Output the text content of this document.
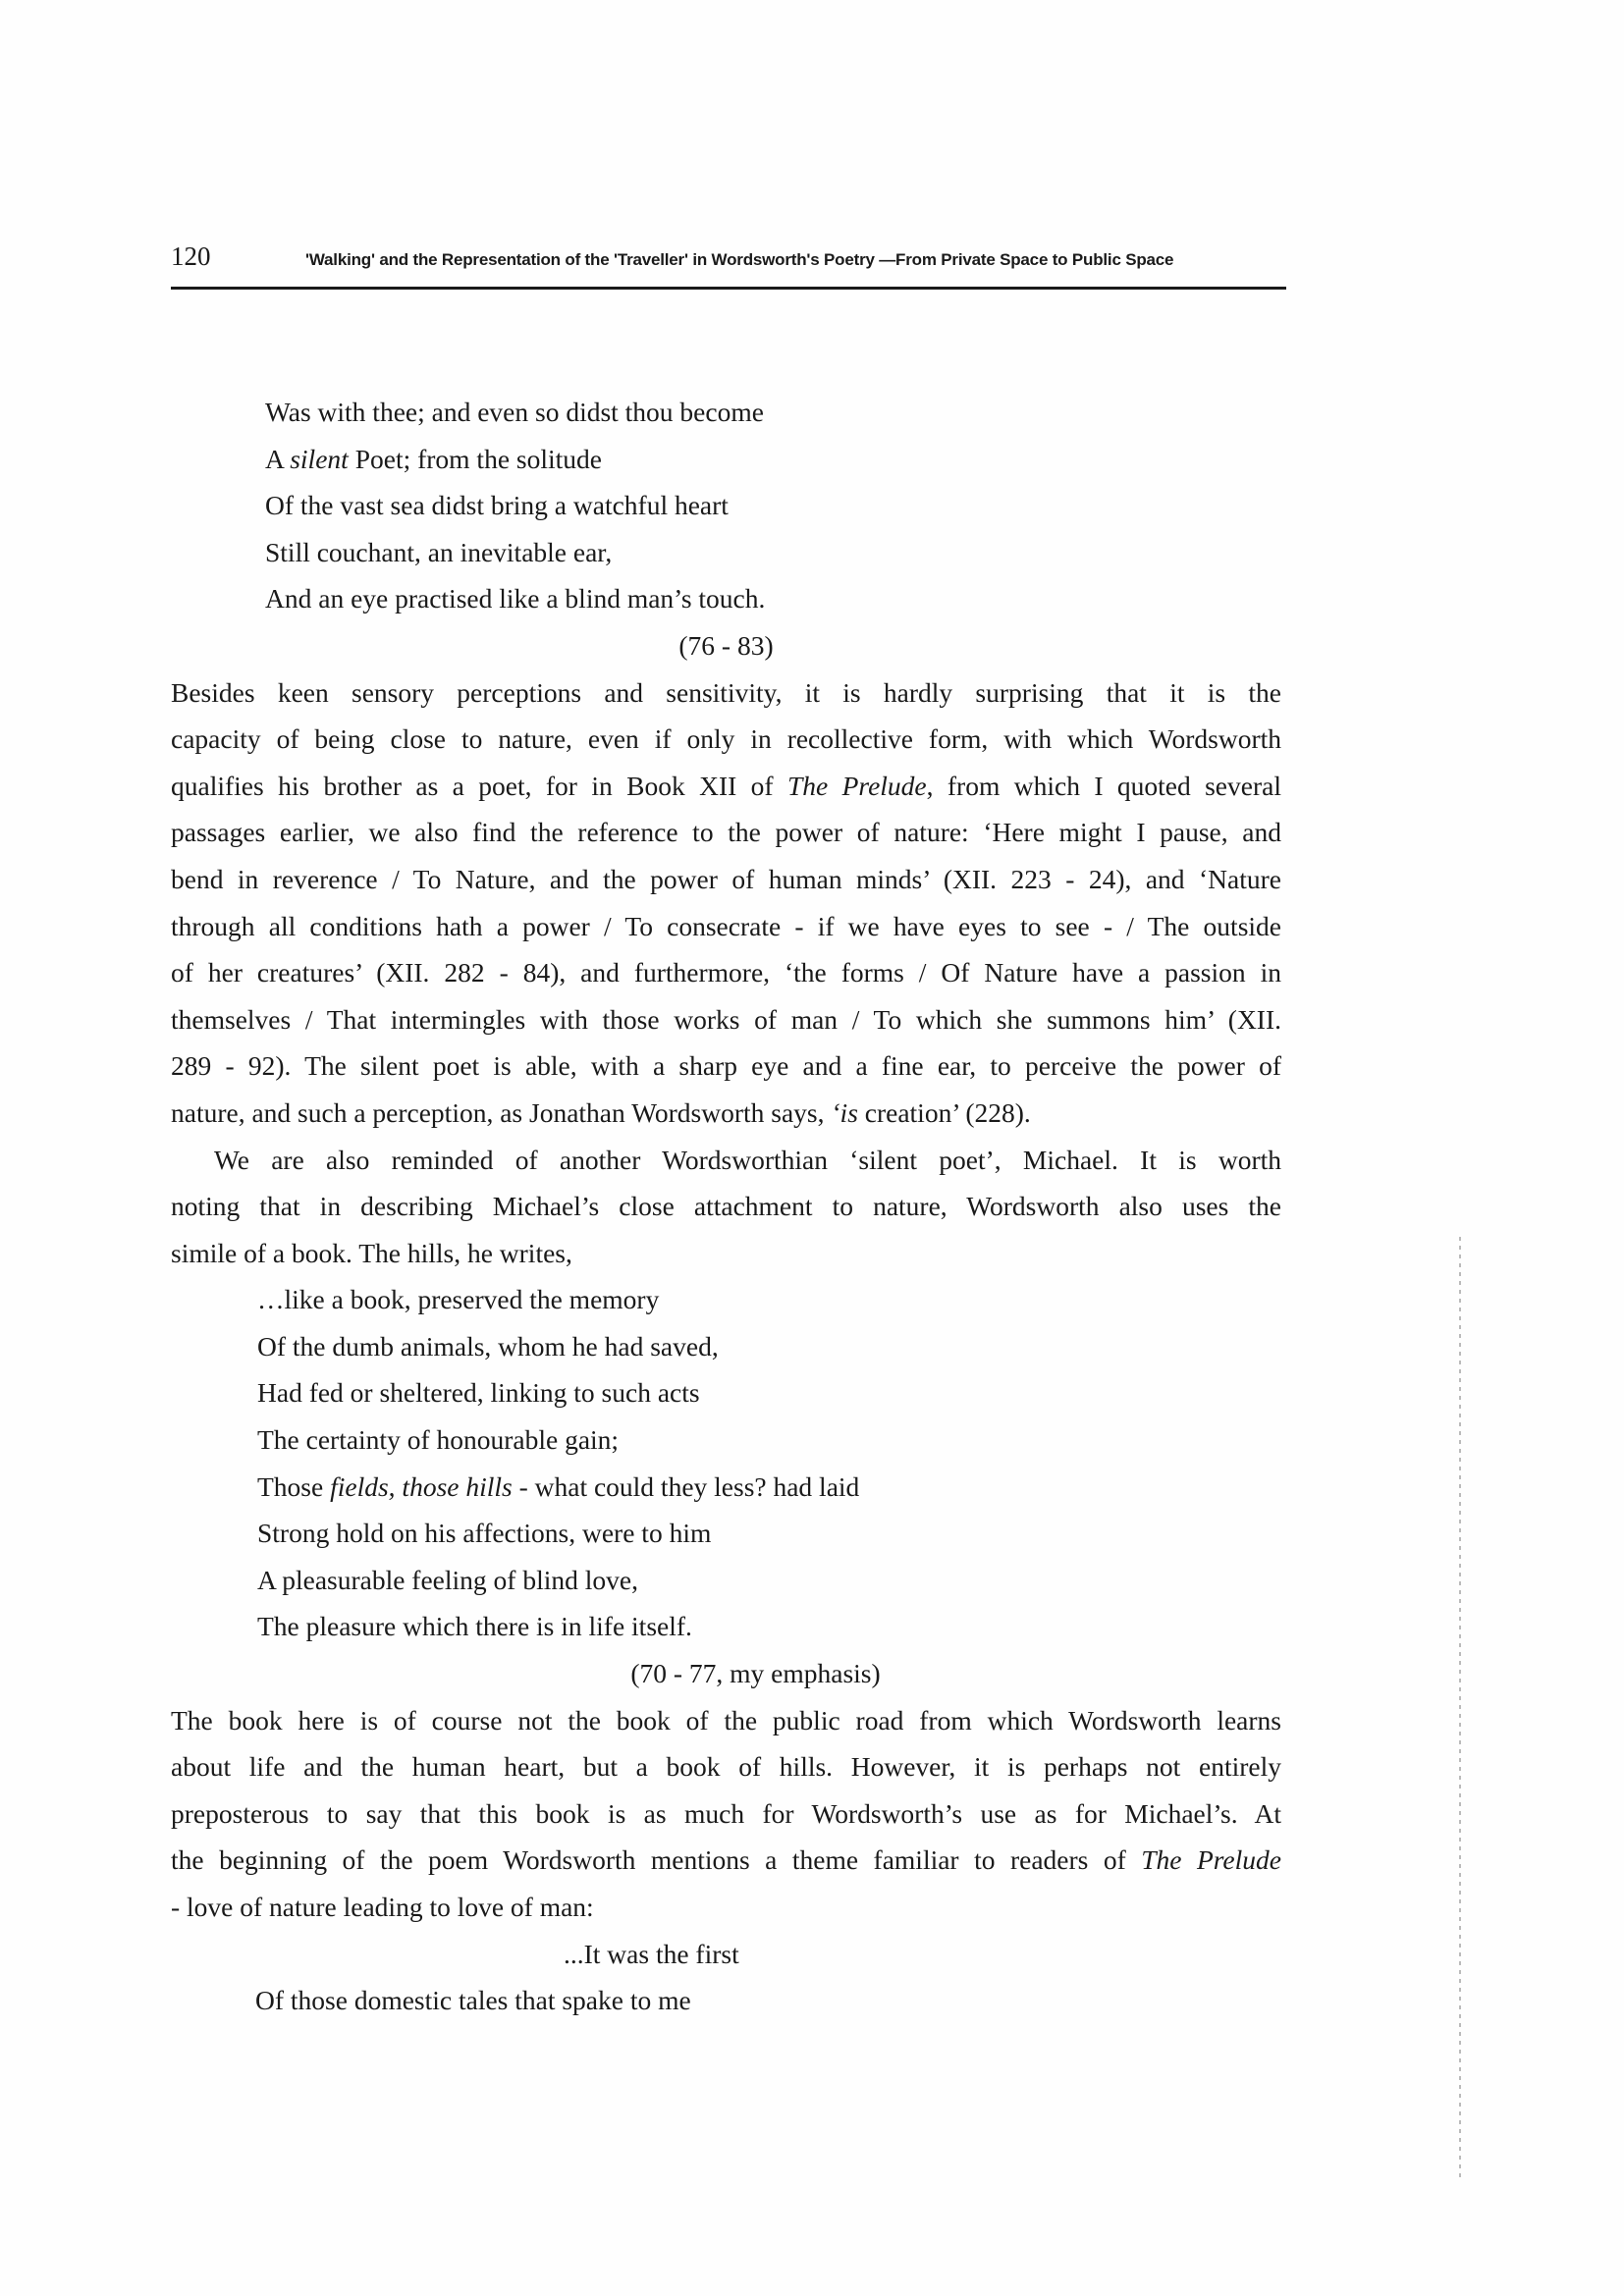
120	'Walking' and the Representation of the 'Traveller' in Wordsworth's Poetry —From Private Space to Public Space
Was with thee; and even so didst thou become
A silent Poet; from the solitude
Of the vast sea didst bring a watchful heart
Still couchant, an inevitable ear,
And an eye practised like a blind man’s touch.
(76 - 83)
Besides keen sensory perceptions and sensitivity, it is hardly surprising that it is the
capacity of being close to nature, even if only in recollective form, with which Wordsworth
qualifies his brother as a poet, for in Book XII of The Prelude, from which I quoted several
passages earlier, we also find the reference to the power of nature: ‘Here might I pause, and
bend in reverence / To Nature, and the power of human minds’ (XII. 223 - 24), and ‘Nature
through all conditions hath a power / To consecrate - if we have eyes to see - / The outside
of her creatures’ (XII. 282 - 84), and furthermore, ‘the forms / Of Nature have a passion in
themselves / That intermingles with those works of man / To which she summons him’ (XII.
289 - 92). The silent poet is able, with a sharp eye and a fine ear, to perceive the power of
nature, and such a perception, as Jonathan Wordsworth says, ‘is creation’ (228).
We are also reminded of another Wordsworthian ‘silent poet’, Michael. It is worth
noting that in describing Michael’s close attachment to nature, Wordsworth also uses the
simile of a book. The hills, he writes,
…like a book, preserved the memory
Of the dumb animals, whom he had saved,
Had fed or sheltered, linking to such acts
The certainty of honourable gain;
Those fields, those hills - what could they less? had laid
Strong hold on his affections, were to him
A pleasurable feeling of blind love,
The pleasure which there is in life itself.
(70 - 77, my emphasis)
The book here is of course not the book of the public road from which Wordsworth learns
about life and the human heart, but a book of hills. However, it is perhaps not entirely
preposterous to say that this book is as much for Wordsworth’s use as for Michael’s. At
the beginning of the poem Wordsworth mentions a theme familiar to readers of The Prelude
- love of nature leading to love of man:
...It was the first
Of those domestic tales that spake to me
